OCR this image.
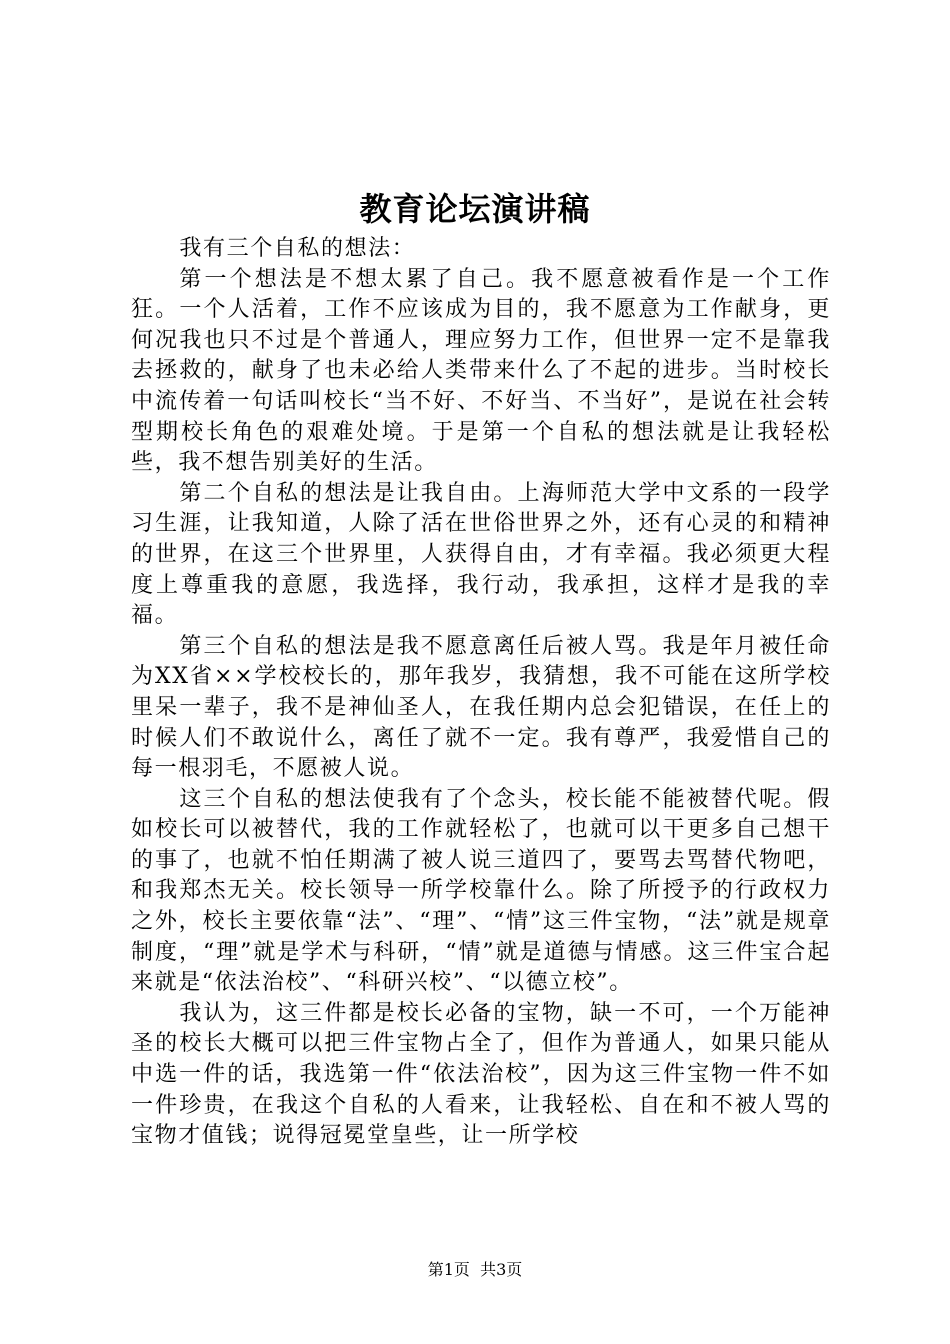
教育论坛演讲稿

我有三个自私的想法：

第一个想法是不想太累了自己。我不愿意被看作是一个工作狂。一个人活着，工作不应该成为目的，我不愿意为工作献身，更何况我也只不过是个普通人，理应努力工作，但世界一定不是靠我去拯救的，献身了也未必给人类带来什么了不起的进步。当时校长中流传着一句话叫校长“当不好、不好当、不当好”，是说在社会转型期校长角色的艰难处境。于是第一个自私的想法就是让我轻松些，我不想告别美好的生活。

第二个自私的想法是让我自由。上海师范大学中文系的一段学习生涯，让我知道，人除了活在世俗世界之外，还有心灵的和精神的世界，在这三个世界里，人获得自由，才有幸福。我必须更大程度上尊重我的意愿，我选择，我行动，我承担，这样才是我的幸福。

第三个自私的想法是我不愿意离任后被人骂。我是年月被任命为XX省××学校校长的，那年我岁，我猜想，我不可能在这所学校里呆一辈子，我不是神仙圣人，在我任期内总会犯错误，在任上的时候人们不敢说什么，离任了就不一定。我有尊严，我爱惜自己的每一根羽毛，不愿被人说。

这三个自私的想法使我有了个念头，校长能不能被替代呢。假如校长可以被替代，我的工作就轻松了，也就可以干更多自己想干的事了，也就不怕任期满了被人说三道四了，要骂去骂替代物吧，和我郑杰无关。校长领导一所学校靠什么。除了所授予的行政权力之外，校长主要依靠“法”、“理”、“情”这三件宝物，“法”就是规章制度，“理”就是学术与科研，“情”就是道德与情感。这三件宝合起来就是“依法治校”、“科研兴校”、“以德立校”。

我认为，这三件都是校长必备的宝物，缺一不可，一个万能神圣的校长大概可以把三件宝物占全了，但作为普通人，如果只能从中选一件的话，我选第一件“依法治校”，因为这三件宝物一件不如一件珍贵，在我这个自私的人看来，让我轻松、自在和不被人骂的宝物才值钱；说得冠冕堂皇些，让一所学校

第1页  共3页
